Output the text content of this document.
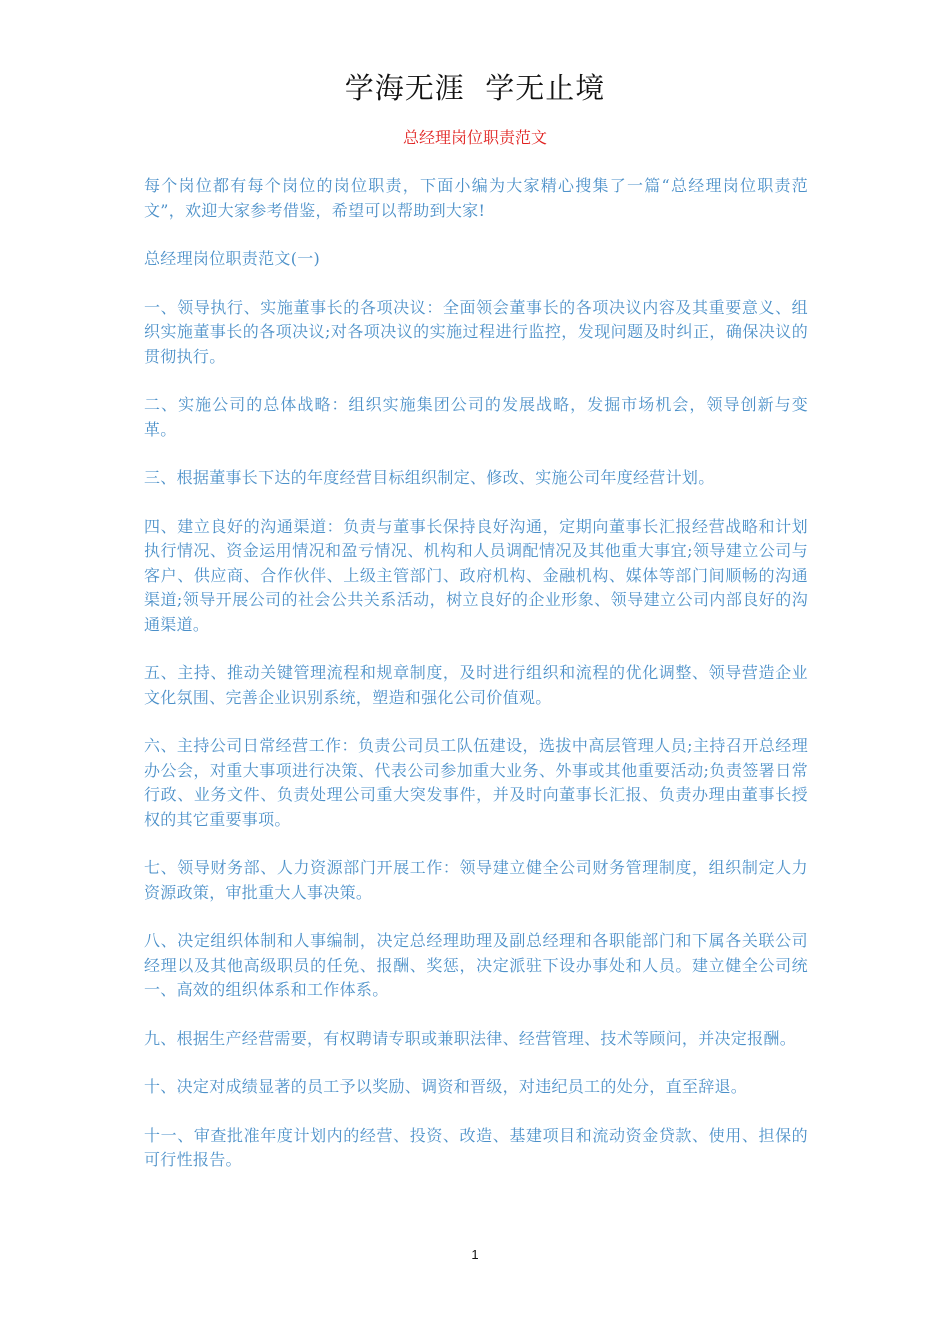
学海无涯  学无止境
总经理岗位职责范文

每个岗位都有每个岗位的岗位职责，下面小编为大家精心搜集了一篇“总经理岗位职责范文”，欢迎大家参考借鉴，希望可以帮助到大家!

总经理岗位职责范文(一)

一、领导执行、实施董事长的各项决议：全面领会董事长的各项决议内容及其重要意义、组织实施董事长的各项决议;对各项决议的实施过程进行监控，发现问题及时纠正，确保决议的贯彻执行。

二、实施公司的总体战略：组织实施集团公司的发展战略，发掘市场机会，领导创新与变革。

三、根据董事长下达的年度经营目标组织制定、修改、实施公司年度经营计划。

四、建立良好的沟通渠道：负责与董事长保持良好沟通，定期向董事长汇报经营战略和计划执行情况、资金运用情况和盈亏情况、机构和人员调配情况及其他重大事宜;领导建立公司与客户、供应商、合作伙伴、上级主管部门、政府机构、金融机构、媒体等部门间顺畅的沟通渠道;领导开展公司的社会公共关系活动，树立良好的企业形象、领导建立公司内部良好的沟通渠道。

五、主持、推动关键管理流程和规章制度，及时进行组织和流程的优化调整、领导营造企业文化氛围、完善企业识别系统，塑造和强化公司价值观。

六、主持公司日常经营工作：负责公司员工队伍建设，选拔中高层管理人员;主持召开总经理办公会，对重大事项进行决策、代表公司参加重大业务、外事或其他重要活动;负责签署日常行政、业务文件、负责处理公司重大突发事件，并及时向董事长汇报、负责办理由董事长授权的其它重要事项。

七、领导财务部、人力资源部门开展工作：领导建立健全公司财务管理制度，组织制定人力资源政策，审批重大人事决策。

八、决定组织体制和人事编制，决定总经理助理及副总经理和各职能部门和下属各关联公司经理以及其他高级职员的任免、报酬、奖惩，决定派驻下设办事处和人员。建立健全公司统一、高效的组织体系和工作体系。

九、根据生产经营需要，有权聘请专职或兼职法律、经营管理、技术等顾问，并决定报酬。

十、决定对成绩显著的员工予以奖励、调资和晋级，对违纪员工的处分，直至辞退。

十一、审查批准年度计划内的经营、投资、改造、基建项目和流动资金贷款、使用、担保的可行性报告。

1
